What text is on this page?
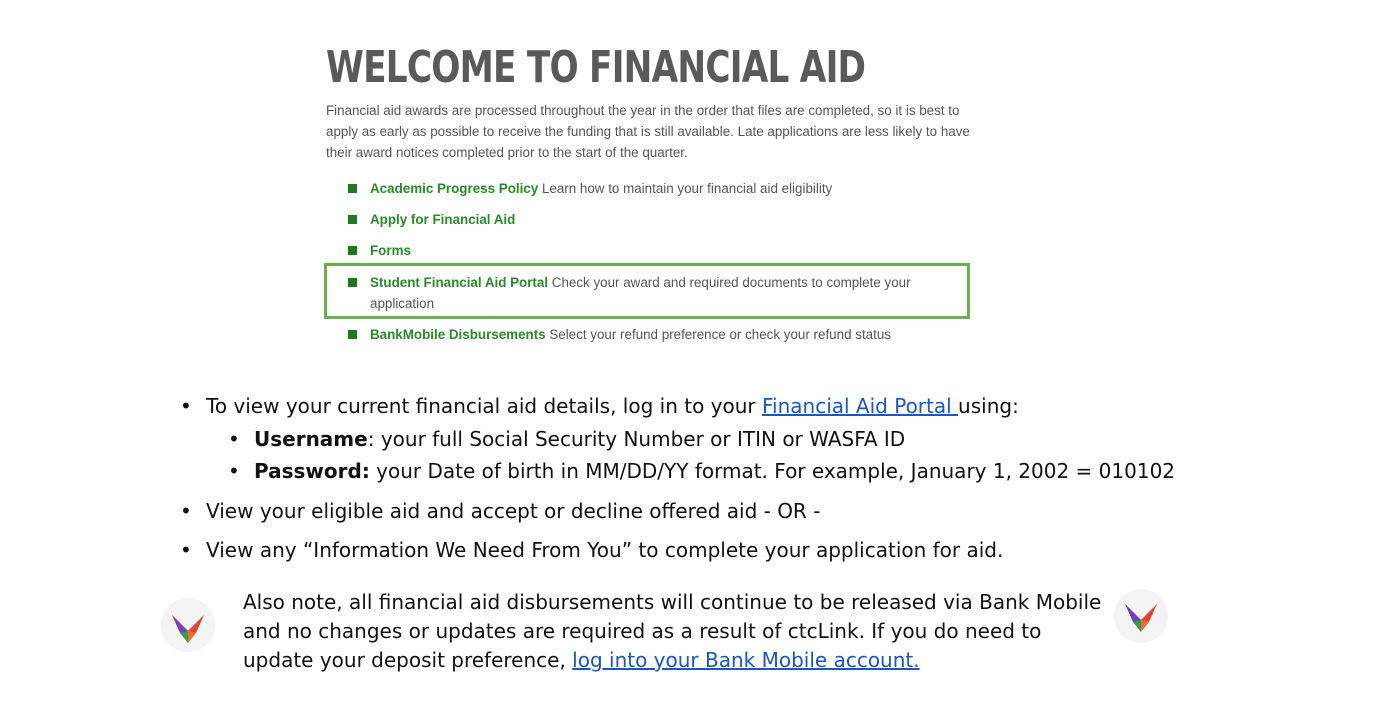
WELCOME TO FINANCIAL AID

Financial aid awards are processed throughout the year in the order that files are completed, so it is best to apply as early as possible to receive the funding that is still available. Late applications are less likely to have their award notices completed prior to the start of the quarter.

Academic Progress Policy Learn how to maintain your financial aid eligibility
Apply for Financial Aid
Forms
Student Financial Aid Portal Check your award and required documents to complete your application
BankMobile Disbursements Select your refund preference or check your refund status
• To view your current financial aid details, log in to your Financial Aid Portal using:
• Username: your full Social Security Number or ITIN or WASFA ID
• Password: your Date of birth in MM/DD/YY format. For example, January 1, 2002 = 010102
• View your eligible aid and accept or decline offered aid - OR -
• View any “Information We Need From You” to complete your application for aid.

Also note, all financial aid disbursements will continue to be released via Bank Mobile and no changes or updates are required as a result of ctcLink. If you do need to update your deposit preference, log into your Bank Mobile account.
